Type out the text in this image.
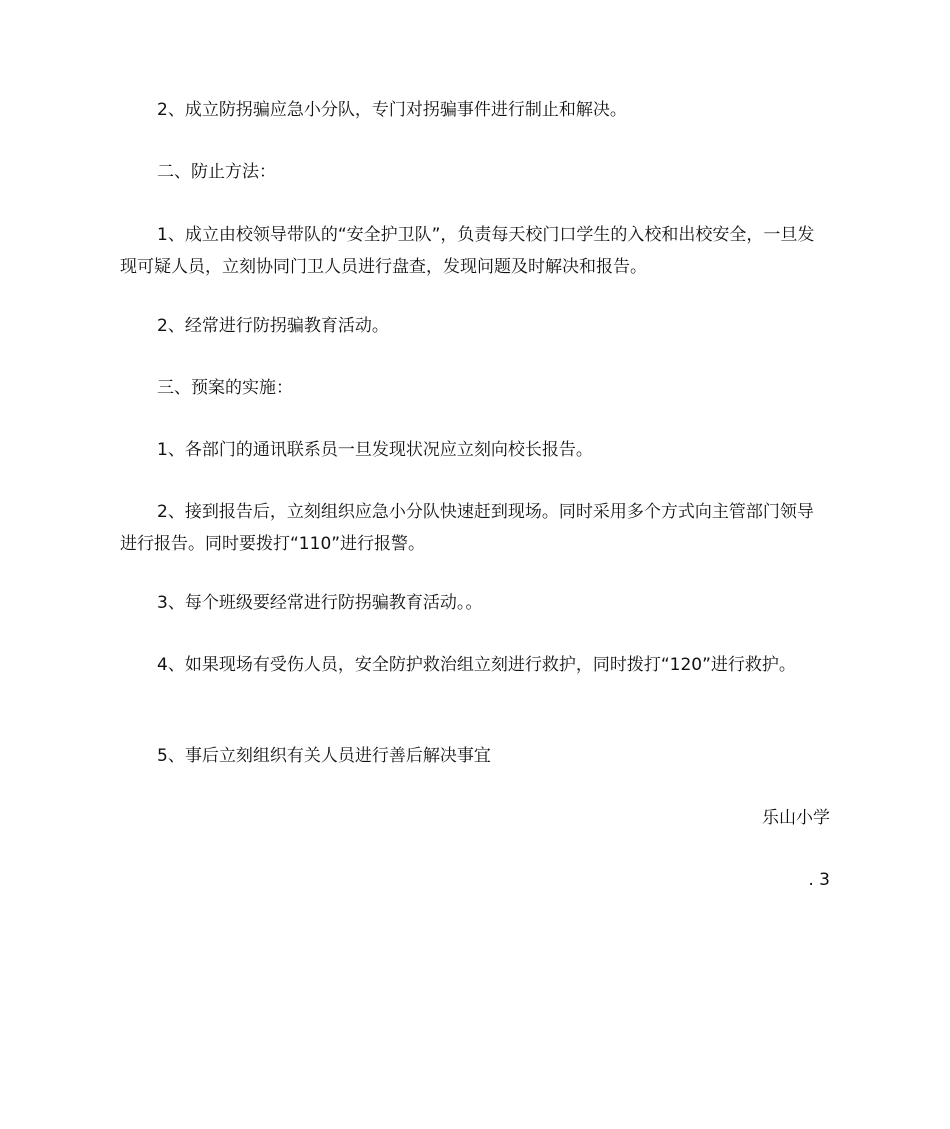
2、成立防拐骗应急小分队，专门对拐骗事件进行制止和解决。

二、防止方法：

1、成立由校领导带队的“安全护卫队”，负责每天校门口学生的入校和出校安全，一旦发现可疑人员，立刻协同门卫人员进行盘查，发现问题及时解决和报告。

2、经常进行防拐骗教育活动。

三、预案的实施：

1、各部门的通讯联系员一旦发现状况应立刻向校长报告。

2、接到报告后，立刻组织应急小分队快速赶到现场。同时采用多个方式向主管部门领导进行报告。同时要拨打“110”进行报警。

3、每个班级要经常进行防拐骗教育活动。。

4、如果现场有受伤人员，安全防护救治组立刻进行救护，同时拨打“120”进行救护。

5、事后立刻组织有关人员进行善后解决事宜

乐山小学

. 3
